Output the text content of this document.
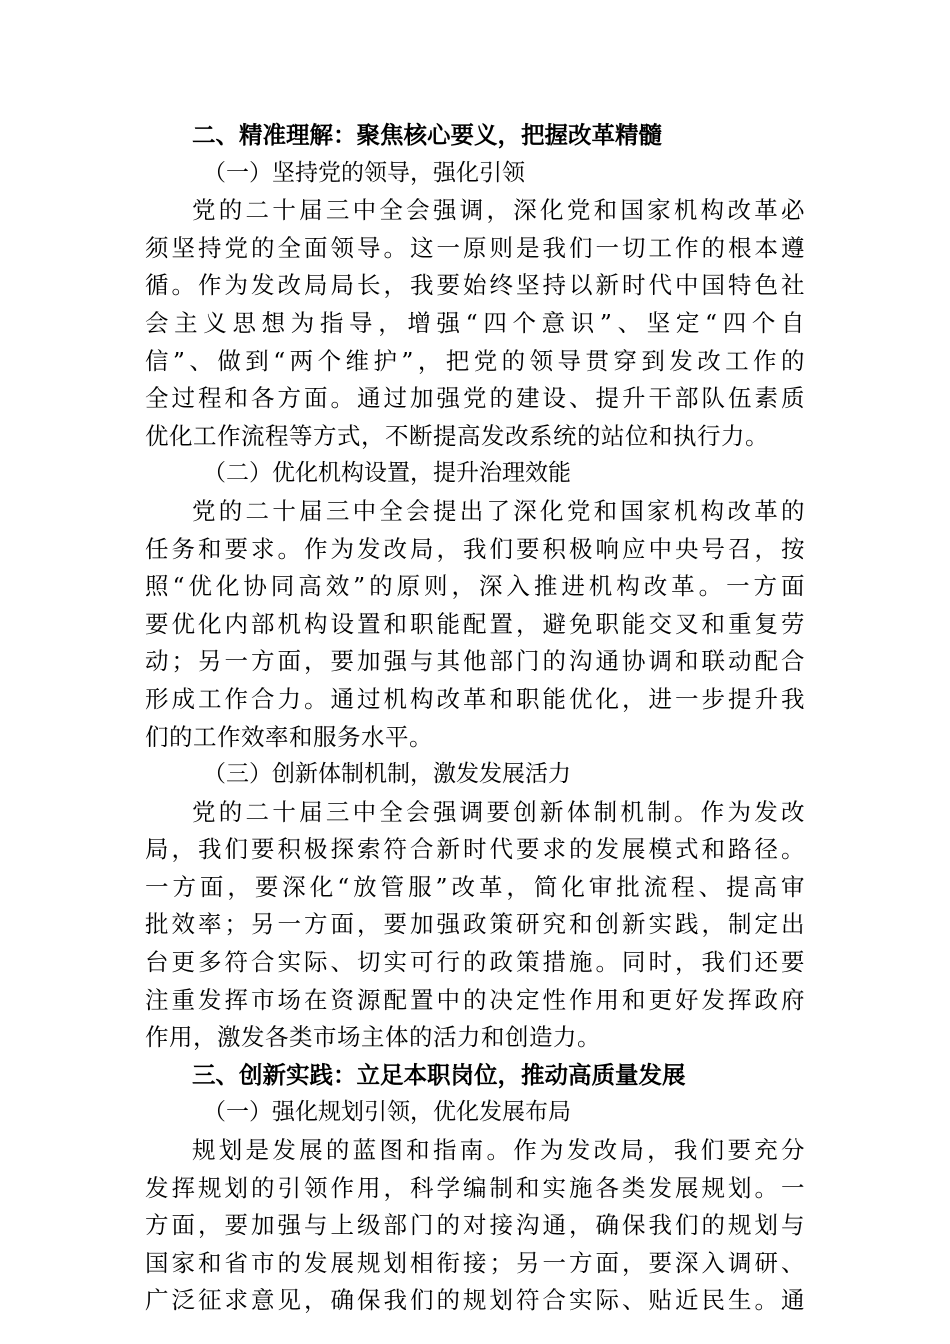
二、精准理解：聚焦核心要义，把握改革精髓
（一）坚持党的领导，强化引领
党的二十届三中全会强调，深化党和国家机构改革必
须坚持党的全面领导。这一原则是我们一切工作的根本遵
循。作为发改局局长，我要始终坚持以新时代中国特色社
会主义思想为指导，增强“四个意识”、坚定“四个自
信”、做到“两个维护”，把党的领导贯穿到发改工作的
全过程和各方面。通过加强党的建设、提升干部队伍素质
优化工作流程等方式，不断提高发改系统的站位和执行力。
（二）优化机构设置，提升治理效能
党的二十届三中全会提出了深化党和国家机构改革的
任务和要求。作为发改局，我们要积极响应中央号召，按
照“优化协同高效”的原则，深入推进机构改革。一方面
要优化内部机构设置和职能配置，避免职能交叉和重复劳
动；另一方面，要加强与其他部门的沟通协调和联动配合
形成工作合力。通过机构改革和职能优化，进一步提升我
们的工作效率和服务水平。
（三）创新体制机制，激发发展活力
党的二十届三中全会强调要创新体制机制。作为发改
局，我们要积极探索符合新时代要求的发展模式和路径。
一方面，要深化“放管服”改革，简化审批流程、提高审
批效率；另一方面，要加强政策研究和创新实践，制定出
台更多符合实际、切实可行的政策措施。同时，我们还要
注重发挥市场在资源配置中的决定性作用和更好发挥政府
作用，激发各类市场主体的活力和创造力。
三、创新实践：立足本职岗位，推动高质量发展
（一）强化规划引领，优化发展布局
规划是发展的蓝图和指南。作为发改局，我们要充分
发挥规划的引领作用，科学编制和实施各类发展规划。一
方面，要加强与上级部门的对接沟通，确保我们的规划与
国家和省市的发展规划相衔接；另一方面，要深入调研、
广泛征求意见，确保我们的规划符合实际、贴近民生。通
